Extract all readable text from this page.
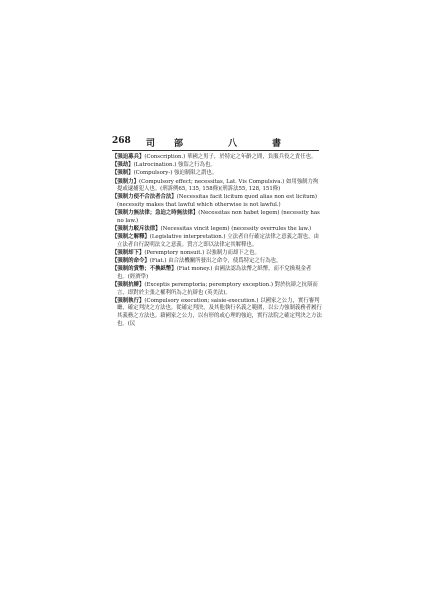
268 司 部	八	書

【强迫募兵】(Conscription.) 華國之男子，於特定之年齡之間，負服兵役之責任也。

【强劫】(Latrocination.) 強盜之行為也。

【强制】(Compulsory-) 強迫制限之謂也。

【强制力】(Compulsory effect; necessitas, Lat. Vis Compulsiva.) 如用強制力拘提或逮捕犯人也。(刑訴例65, 135, 158條)(刑訴法55, 128, 151條)

【强制力使不合法者合法】(Necessitas facit licitum quod alias non est licitum) (necessity makes that lawful which otherwise is not lawful.)

【强制力無法律；急迫之時無法律】(Necessitas non habet legem) (necessity has no law.)

【强制力駁斥法律】(Necessitas vincit legem) (necessity overrules the law.)

【强制之解釋】(Legislative interpretation.) 立法者自行確定法律之意義之謂也。由立法者自行說明法文之意義。質言之即以法律定其解釋也。

【强制却下】(Peremptory nonsuit.) 以強制力而却下之也。

【强制的命令】(Fiat.) 由合法機關所發出之命令，使爲特定之行為也。

【强制的貨幣；不換紙幣】(Fiat money.) 由國法認為法幣之紙幣，而不兌換現金者也。(經濟學)

【强制抗辯】(Exceptis peremptoria; peremptory exception.) 對於抗辯之抗辯而言，即對於主張之權利所為之抗辯也 (英美法)。

【强制執行】(Compulsory execution; saisie-execution.) 以國家之公力，實行審判廳，確定判決之方法也。從確定判決，及其他執行名義之範圍，以公力強制義務者履行其義務之方法也。藉國家之公力，以有形的或心理的強迫，實行法院之確定判決之方法也。(民
